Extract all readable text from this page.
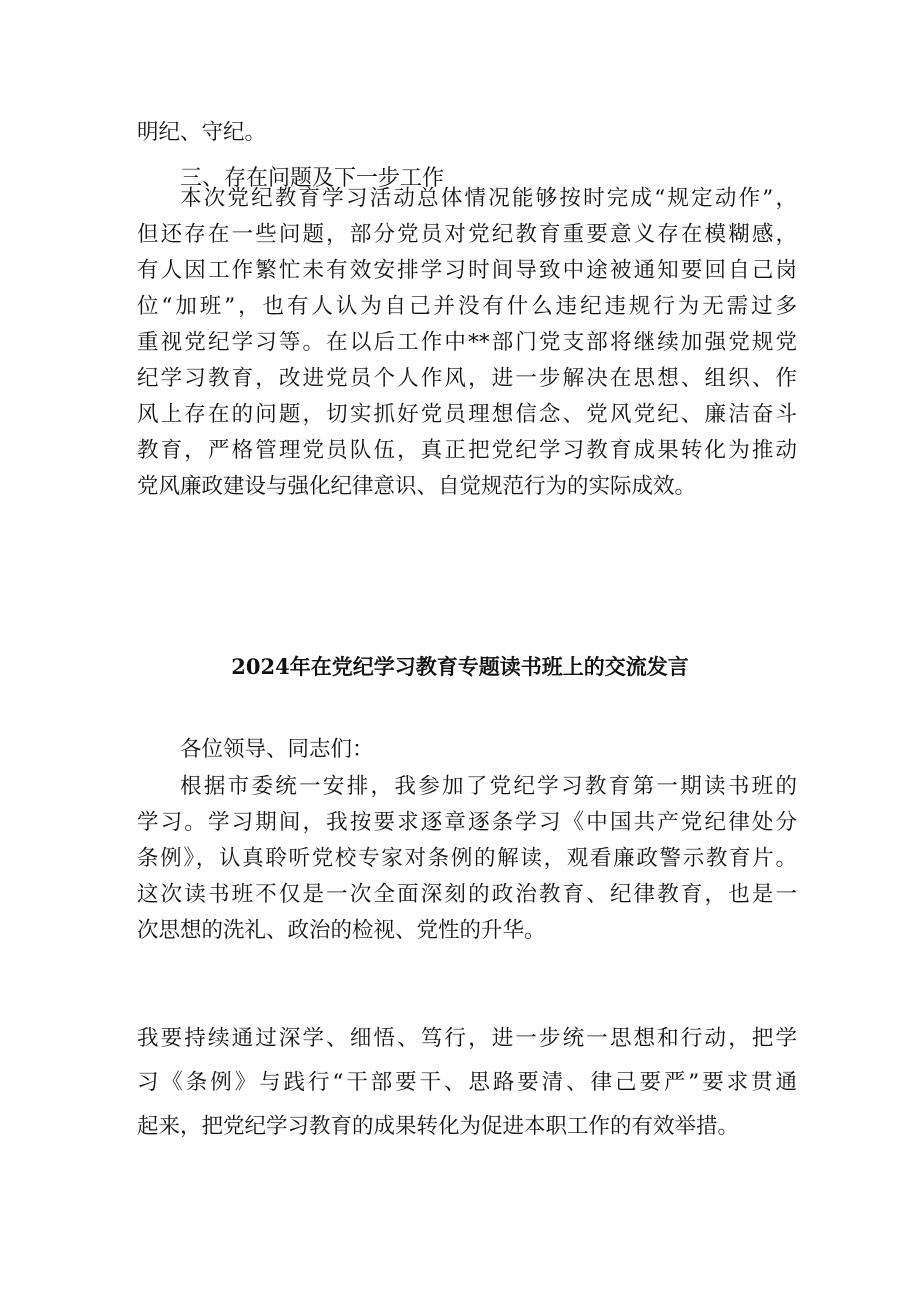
明纪、守纪。
三、存在问题及下一步工作
本次党纪教育学习活动总体情况能够按时完成“规定动作”，
但还存在一些问题，部分党员对党纪教育重要意义存在模糊感，
有人因工作繁忙未有效安排学习时间导致中途被通知要回自己岗
位“加班”，也有人认为自己并没有什么违纪违规行为无需过多
重视党纪学习等。在以后工作中**部门党支部将继续加强党规党
纪学习教育，改进党员个人作风，进一步解决在思想、组织、作
风上存在的问题，切实抓好党员理想信念、党风党纪、廉洁奋斗
教育，严格管理党员队伍，真正把党纪学习教育成果转化为推动
党风廉政建设与强化纪律意识、自觉规范行为的实际成效。
2024年在党纪学习教育专题读书班上的交流发言
各位领导、同志们：
根据市委统一安排，我参加了党纪学习教育第一期读书班的
学习。学习期间，我按要求逐章逐条学习《中国共产党纪律处分
条例》，认真聆听党校专家对条例的解读，观看廉政警示教育片。
这次读书班不仅是一次全面深刻的政治教育、纪律教育，也是一
次思想的洗礼、政治的检视、党性的升华。
我要持续通过深学、细悟、笃行，进一步统一思想和行动，把学
习《条例》与践行“干部要干、思路要清、律己要严”要求贯通
起来，把党纪学习教育的成果转化为促进本职工作的有效举措。
